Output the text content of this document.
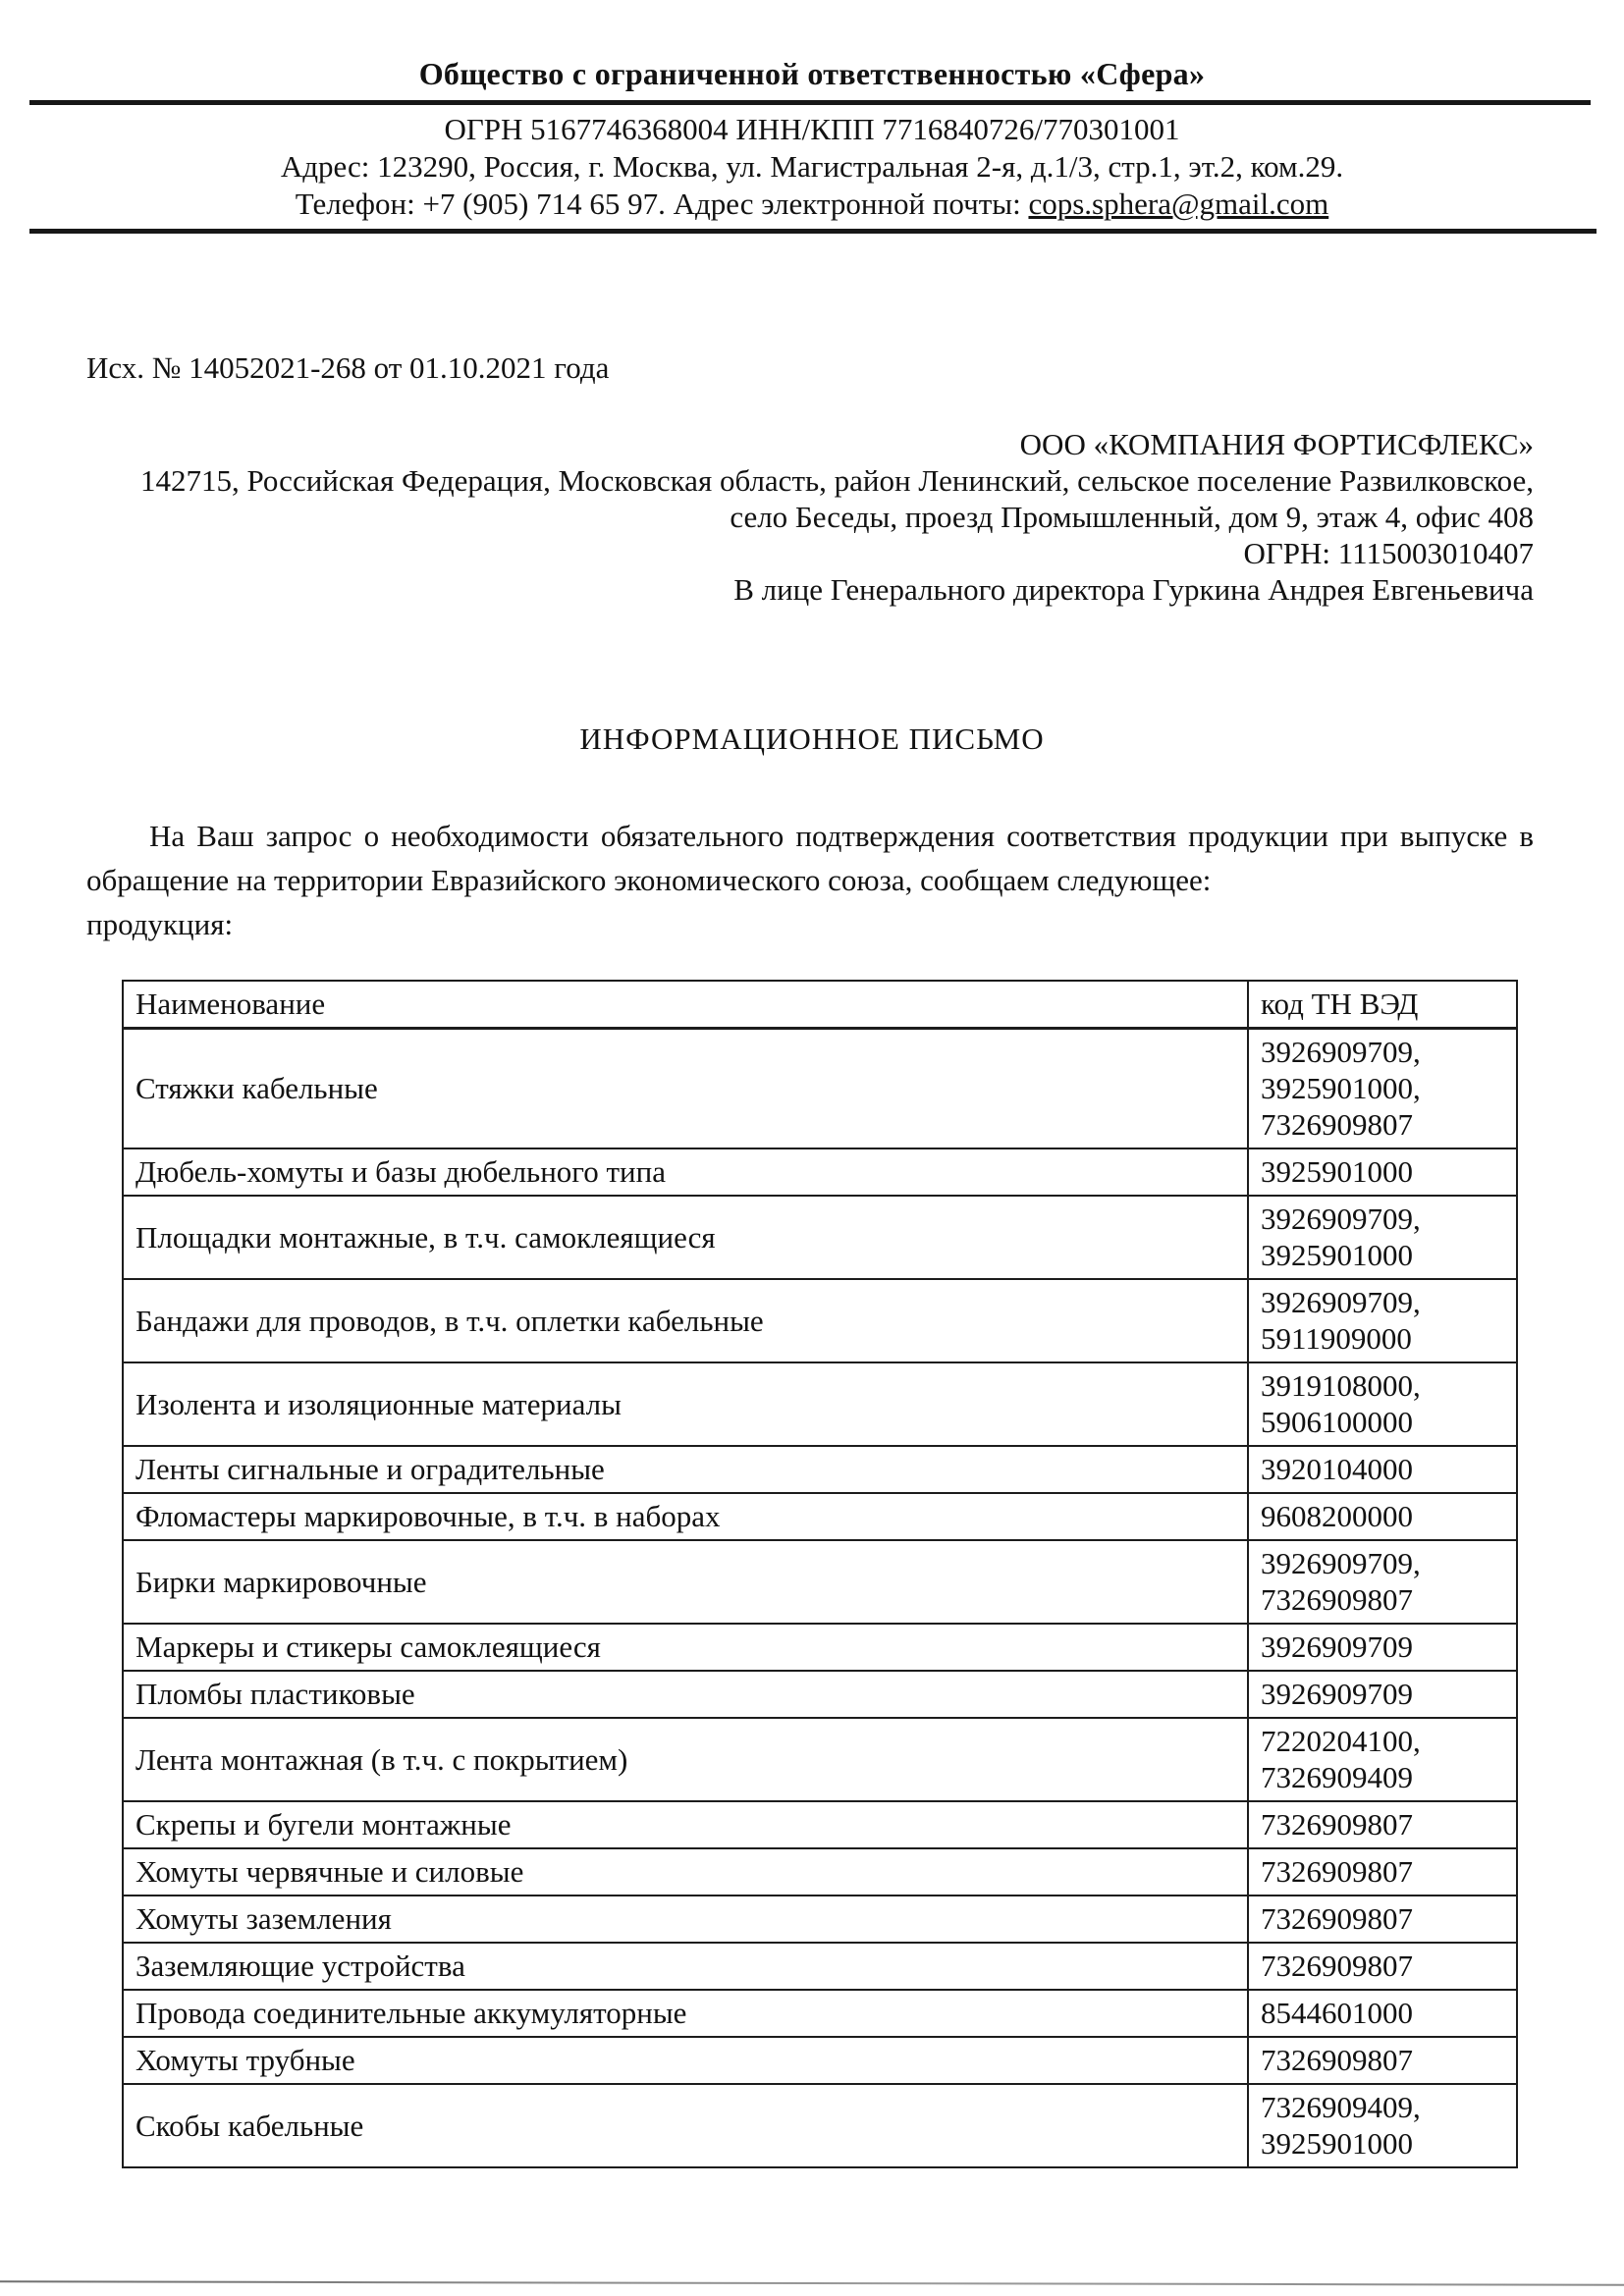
Общество с ограниченной ответственностью «Сфера»
ОГРН 5167746368004 ИНН/КПП 7716840726/770301001
Адрес: 123290, Россия, г. Москва, ул. Магистральная 2-я, д.1/3, стр.1, эт.2, ком.29.
Телефон: +7 (905) 714 65 97. Адрес электронной почты: cops.sphera@gmail.com
Исх. № 14052021-268 от 01.10.2021 года
ООО «КОМПАНИЯ ФОРТИСФЛЕКС»
142715, Российская Федерация, Московская область, район Ленинский, сельское поселение Развилковское, село Беседы, проезд Промышленный, дом 9, этаж 4, офис 408
ОГРН: 1115003010407
В лице Генерального директора Гуркина Андрея Евгеньевича
ИНФОРМАЦИОННОЕ ПИСЬМО
На Ваш запрос о необходимости обязательного подтверждения соответствия продукции при выпуске в обращение на территории Евразийского экономического союза, сообщаем следующее:
продукция:
Наименование	код ТН ВЭД
Стяжки кабельные	3926909709,
3925901000,
7326909807

Дюбель-хомуты и базы дюбельного типа	3925901000

Площадки монтажные, в т.ч. самоклеящиеся	3926909709,
3925901000

Бандажи для проводов, в т.ч. оплетки кабельные	3926909709,
5911909000

Изолента и изоляционные материалы	3919108000,
5906100000

Ленты сигнальные и оградительные	3920104000

Фломастеры маркировочные, в т.ч. в наборах	9608200000

Бирки маркировочные	3926909709,
7326909807

Маркеры и стикеры самоклеящиеся	3926909709

Пломбы пластиковые	3926909709

Лента монтажная (в т.ч. с покрытием)	7220204100,
7326909409

Скрепы и бугели монтажные	7326909807

Хомуты червячные и силовые	7326909807

Хомуты заземления	7326909807

Заземляющие устройства	7326909807

Провода соединительные аккумуляторные	8544601000

Хомуты трубные	7326909807

Скобы кабельные	7326909409,
3925901000
